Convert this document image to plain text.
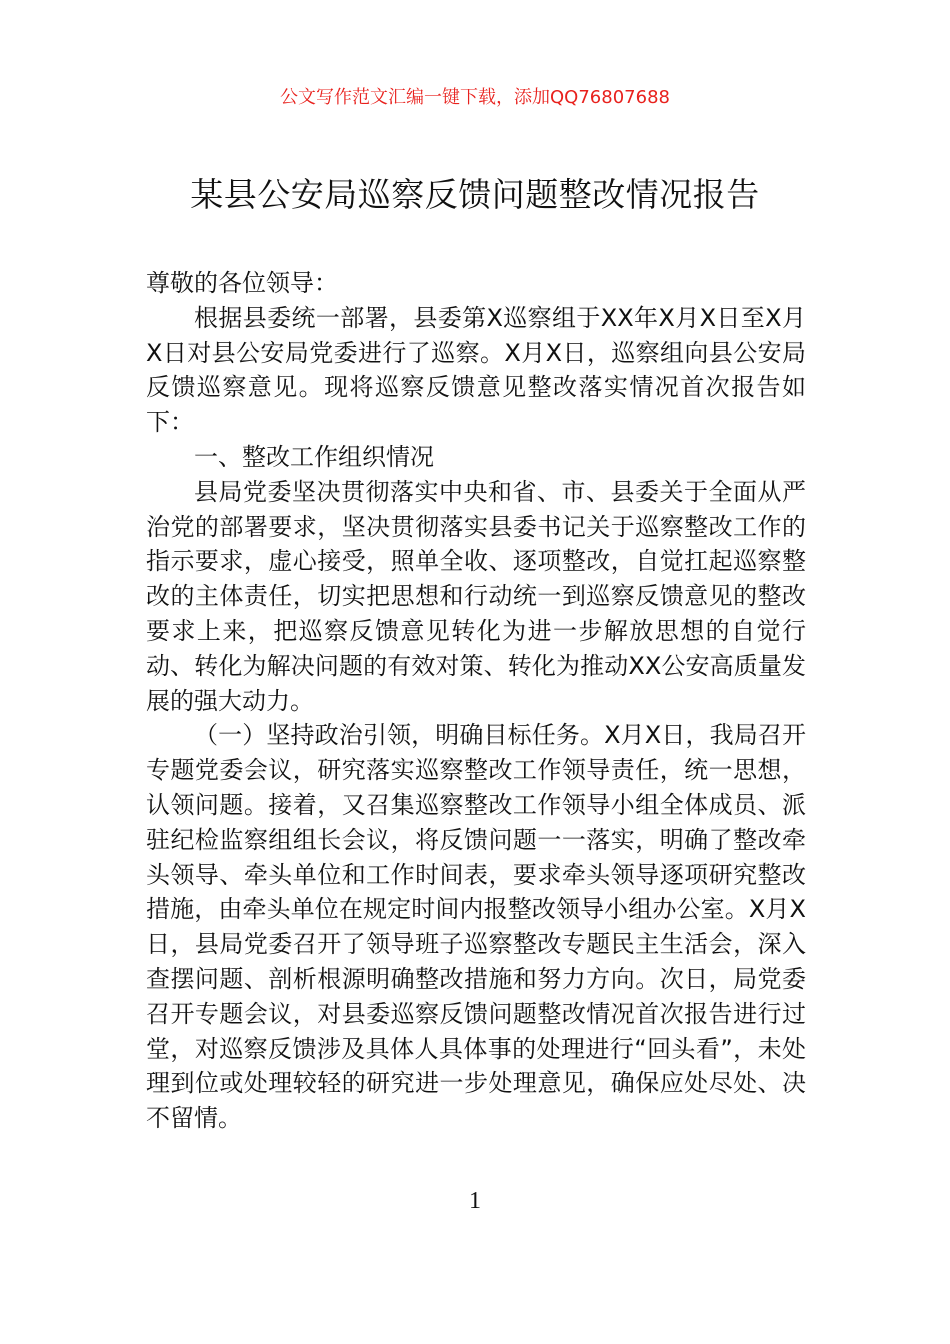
公文写作范文汇编一键下载，添加QQ76807688
某县公安局巡察反馈问题整改情况报告

尊敬的各位领导：

根据县委统一部署，县委第X巡察组于XX年X月X日至X月X日对县公安局党委进行了巡察。X月X日，巡察组向县公安局反馈巡察意见。现将巡察反馈意见整改落实情况首次报告如下：

一、整改工作组织情况

县局党委坚决贯彻落实中央和省、市、县委关于全面从严治党的部署要求，坚决贯彻落实县委书记关于巡察整改工作的指示要求，虚心接受，照单全收、逐项整改，自觉扛起巡察整改的主体责任，切实把思想和行动统一到巡察反馈意见的整改要求上来，把巡察反馈意见转化为进一步解放思想的自觉行动、转化为解决问题的有效对策、转化为推动XX公安高质量发展的强大动力。

（一）坚持政治引领，明确目标任务。X月X日，我局召开专题党委会议，研究落实巡察整改工作领导责任，统一思想，认领问题。接着，又召集巡察整改工作领导小组全体成员、派驻纪检监察组组长会议，将反馈问题一一落实，明确了整改牵头领导、牵头单位和工作时间表，要求牵头领导逐项研究整改措施，由牵头单位在规定时间内报整改领导小组办公室。X月X日，县局党委召开了领导班子巡察整改专题民主生活会，深入查摆问题、剖析根源明确整改措施和努力方向。次日，局党委召开专题会议，对县委巡察反馈问题整改情况首次报告进行过堂，对巡察反馈涉及具体人具体事的处理进行“回头看”，未处理到位或处理较轻的研究进一步处理意见，确保应处尽处、决不留情。

1
